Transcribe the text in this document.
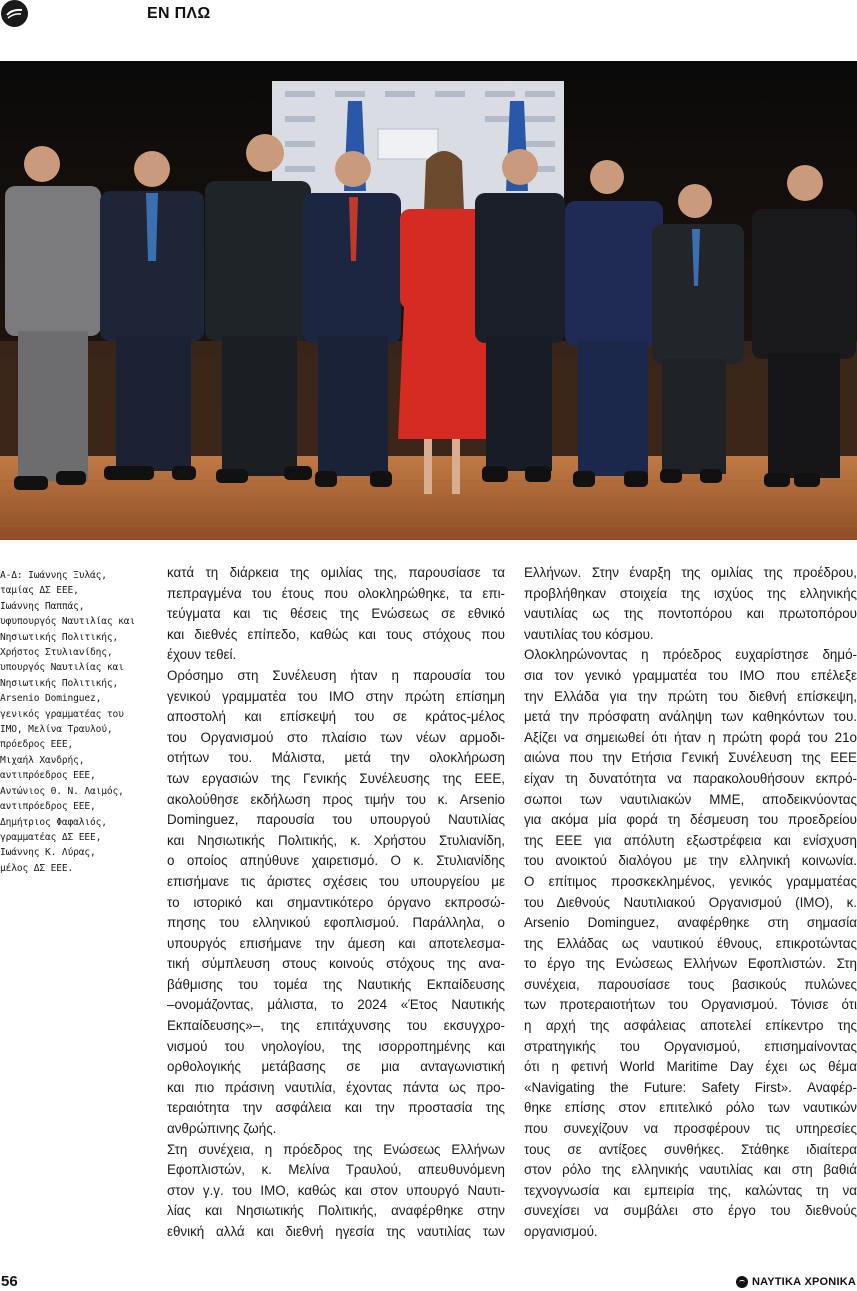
ΕΝ ΠΛΩ
Α-Δ: Ιωάννης Ξυλάς,
ταμίας ΔΣ ΕΕΕ,
Ιωάννης Παππάς,
υφυπουργός Ναυτιλίας και
Νησιωτικής Πολιτικής,
Χρήστος Στυλιανίδης,
υπουργός Ναυτιλίας και
Νησιωτικής Πολιτικής,
Arsenio Dominguez,
γενικός γραμματέας του
IMO, Μελίνα Τραυλού,
πρόεδρος ΕΕΕ,
Μιχαήλ Χανδρής,
αντιπρόεδρος ΕΕΕ,
Αντώνιος Θ. Ν. Λαιμός,
αντιπρόεδρος ΕΕΕ,
Δημήτριος Φαφαλιός,
γραμματέας ΔΣ ΕΕΕ,
Ιωάννης Κ. Λύρας,
μέλος ΔΣ ΕΕΕ.
κατά τη διάρκεια της ομιλίας της, παρουσίασε τα
πεπραγμένα του έτους που ολοκληρώθηκε, τα επι-
τεύγματα και τις θέσεις της Ενώσεως σε εθνικό
και διεθνές επίπεδο, καθώς και τους στόχους που
έχουν τεθεί.
Ορόσημο στη Συνέλευση ήταν η παρουσία του
γενικού γραμματέα του IMO στην πρώτη επίσημη
αποστολή και επίσκεψή του σε κράτος-μέλος
του Οργανισμού στο πλαίσιο των νέων αρμοδι-
οτήτων του. Μάλιστα, μετά την ολοκλήρωση
των εργασιών της Γενικής Συνέλευσης της ΕΕΕ,
ακολούθησε εκδήλωση προς τιμήν του κ. Arsenio
Dominguez, παρουσία του υπουργού Ναυτιλίας
και Νησιωτικής Πολιτικής, κ. Χρήστου Στυλιανίδη,
ο οποίος απηύθυνε χαιρετισμό. Ο κ. Στυλιανίδης
επισήμανε τις άριστες σχέσεις του υπουργείου με
το ιστορικό και σημαντικότερο όργανο εκπροσώ-
πησης του ελληνικού εφοπλισμού. Παράλληλα, ο
υπουργός επισήμανε την άμεση και αποτελεσμα-
τική σύμπλευση στους κοινούς στόχους της ανα-
βάθμισης του τομέα της Ναυτικής Εκπαίδευσης
–ονομάζοντας, μάλιστα, το 2024 «Έτος Ναυτικής
Εκπαίδευσης»–, της επιτάχυνσης του εκσυγχρο-
νισμού του νηολογίου, της ισορροπημένης και
ορθολογικής μετάβασης σε μια ανταγωνιστική
και πιο πράσινη ναυτιλία, έχοντας πάντα ως προ-
τεραιότητα την ασφάλεια και την προστασία της
ανθρώπινης ζωής.
Στη συνέχεια, η πρόεδρος της Ενώσεως Ελλήνων
Εφοπλιστών, κ. Μελίνα Τραυλού, απευθυνόμενη
στον γ.γ. του IMO, καθώς και στον υπουργό Ναυτι-
λίας και Νησιωτικής Πολιτικής, αναφέρθηκε στην
εθνική αλλά και διεθνή ηγεσία της ναυτιλίας των
Ελλήνων. Στην έναρξη της ομιλίας της προέδρου,
προβλήθηκαν στοιχεία της ισχύος της ελληνικής
ναυτιλίας ως της ποντοπόρου και πρωτοπόρου
ναυτιλίας του κόσμου.
Ολοκληρώνοντας η πρόεδρος ευχαρίστησε δημό-
σια τον γενικό γραμματέα του IMO που επέλεξε
την Ελλάδα για την πρώτη του διεθνή επίσκεψη,
μετά την πρόσφατη ανάληψη των καθηκόντων του.
Αξίζει να σημειωθεί ότι ήταν η πρώτη φορά του 21ο
αιώνα που την Ετήσια Γενική Συνέλευση της ΕΕΕ
είχαν τη δυνατότητα να παρακολουθήσουν εκπρό-
σωποι των ναυτιλιακών ΜΜΕ, αποδεικνύοντας
για ακόμα μία φορά τη δέσμευση του προεδρείου
της ΕΕΕ για απόλυτη εξωστρέφεια και ενίσχυση
του ανοικτού διαλόγου με την ελληνική κοινωνία.
Ο επίτιμος προσκεκλημένος, γενικός γραμματέας
του Διεθνούς Ναυτιλιακού Οργανισμού (IMO), κ.
Arsenio Dominguez, αναφέρθηκε στη σημασία
της Ελλάδας ως ναυτικού έθνους, επικροτώντας
το έργο της Ενώσεως Ελλήνων Εφοπλιστών. Στη
συνέχεια, παρουσίασε τους βασικούς πυλώνες
των προτεραιοτήτων του Οργανισμού. Τόνισε ότι
η αρχή της ασφάλειας αποτελεί επίκεντρο της
στρατηγικής του Οργανισμού, επισημαίνοντας
ότι η φετινή World Maritime Day έχει ως θέμα
«Navigating the Future: Safety First». Αναφέρ-
θηκε επίσης στον επιτελικό ρόλο των ναυτικών
που συνεχίζουν να προσφέρουν τις υπηρεσίες
τους σε αντίξοες συνθήκες. Στάθηκε ιδιαίτερα
στον ρόλο της ελληνικής ναυτιλίας και στη βαθιά
τεχνογνωσία και εμπειρία της, καλώντας τη να
συνεχίσει να συμβάλει στο έργο του διεθνούς
οργανισμού.
56	ΝΑΥΤΙΚΑ ΧΡΟΝΙΚΑ
